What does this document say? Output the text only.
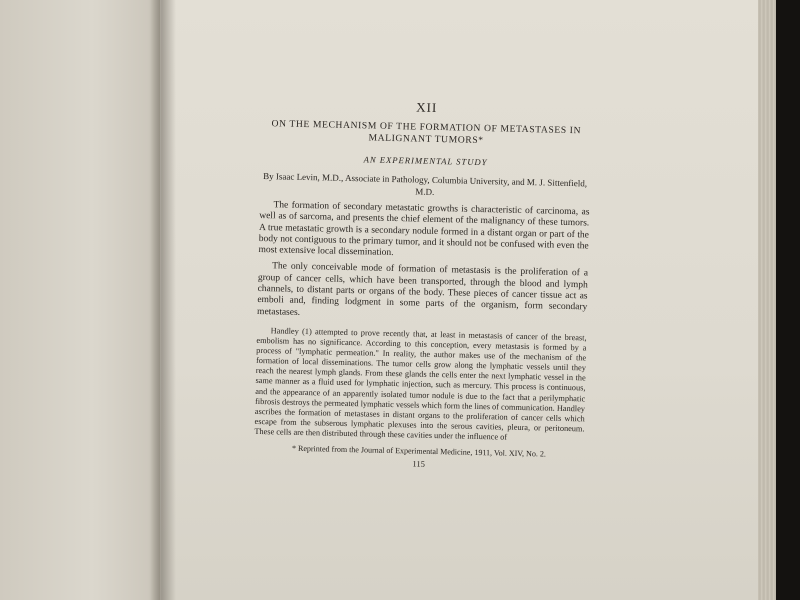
XII
ON THE MECHANISM OF THE FORMATION OF METASTASES IN MALIGNANT TUMORS*
AN EXPERIMENTAL STUDY
By Isaac Levin, M.D., Associate in Pathology, Columbia University, and M. J. Sittenfield, M.D.

The formation of secondary metastatic growths is characteristic of carcinoma, as well as of sarcoma, and presents the chief element of the malignancy of these tumors. A true metastatic growth is a secondary nodule formed in a distant organ or part of the body not contiguous to the primary tumor, and it should not be confused with even the most extensive local dissemination.

The only conceivable mode of formation of metastasis is the proliferation of a group of cancer cells, which have been transported, through the blood and lymph channels, to distant parts or organs of the body. These pieces of cancer tissue act as emboli and, finding lodgment in some parts of the organism, form secondary metastases.

Handley (1) attempted to prove recently that, at least in metastasis of cancer of the breast, embolism has no significance. According to this conception, every metastasis is formed by a process of "lymphatic permeation." In reality, the author makes use of the mechanism of the formation of local disseminations. The tumor cells grow along the lymphatic vessels until they reach the nearest lymph glands. From these glands the cells enter the next lymphatic vessel in the same manner as a fluid used for lymphatic injection, such as mercury. This process is continuous, and the appearance of an apparently isolated tumor nodule is due to the fact that a perilymphatic fibrosis destroys the permeated lymphatic vessels which form the lines of communication. Handley ascribes the formation of metastases in distant organs to the proliferation of cancer cells which escape from the subserous lymphatic plexuses into the serous cavities, pleura, or peritoneum. These cells are then distributed through these cavities under the influence of

* Reprinted from the Journal of Experimental Medicine, 1911, Vol. XIV, No. 2.
115
